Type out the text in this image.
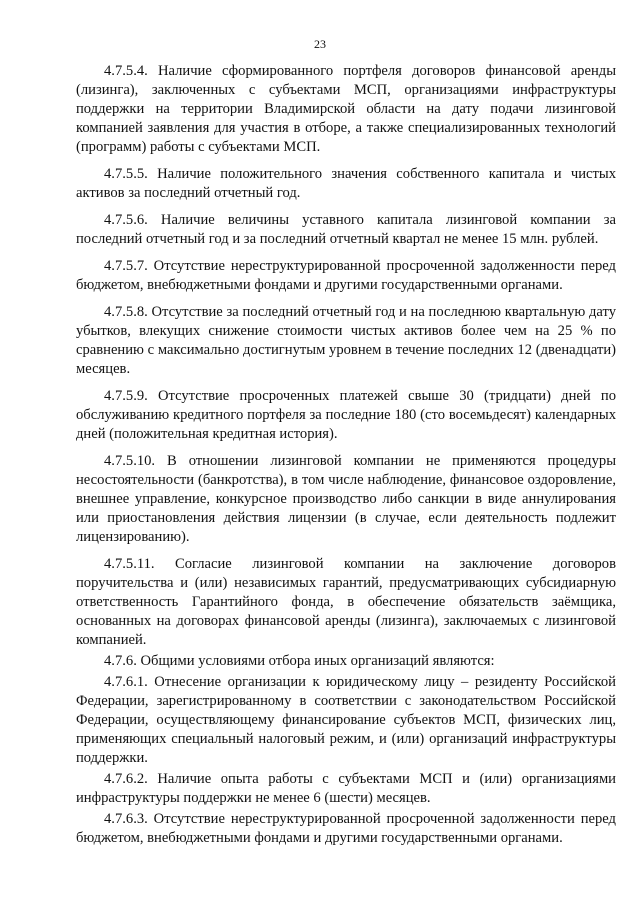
23

4.7.5.4. Наличие сформированного портфеля договоров финансовой аренды (лизинга), заключенных с субъектами МСП, организациями инфраструктуры поддержки на территории Владимирской области на дату подачи лизинговой компанией заявления для участия в отборе, а также специализированных технологий (программ) работы с субъектами МСП.

4.7.5.5. Наличие положительного значения собственного капитала и чистых активов за последний отчетный год.

4.7.5.6. Наличие величины уставного капитала лизинговой компании за последний отчетный год и за последний отчетный квартал не менее 15 млн. рублей.

4.7.5.7. Отсутствие нереструктурированной просроченной задолженности перед бюджетом, внебюджетными фондами и другими государственными органами.

4.7.5.8. Отсутствие за последний отчетный год и на последнюю квартальную дату убытков, влекущих снижение стоимости чистых активов более чем на 25 % по сравнению с максимально достигнутым уровнем в течение последних 12 (двенадцати) месяцев.

4.7.5.9. Отсутствие просроченных платежей свыше 30 (тридцати) дней по обслуживанию кредитного портфеля за последние 180 (сто восемьдесят) календарных дней (положительная кредитная история).

4.7.5.10. В отношении лизинговой компании не применяются процедуры несостоятельности (банкротства), в том числе наблюдение, финансовое оздоровление, внешнее управление, конкурсное производство либо санкции в виде аннулирования или приостановления действия лицензии (в случае, если деятельность подлежит лицензированию).

4.7.5.11. Согласие лизинговой компании на заключение договоров поручительства и (или) независимых гарантий, предусматривающих субсидиарную ответственность Гарантийного фонда, в обеспечение обязательств заёмщика, основанных на договорах финансовой аренды (лизинга), заключаемых с лизинговой компанией.

4.7.6. Общими условиями отбора иных организаций являются:

4.7.6.1. Отнесение организации к юридическому лицу – резиденту Российской Федерации, зарегистрированному в соответствии с законодательством Российской Федерации, осуществляющему финансирование субъектов МСП, физических лиц, применяющих специальный налоговый режим, и (или) организаций инфраструктуры поддержки.

4.7.6.2. Наличие опыта работы с субъектами МСП и (или) организациями инфраструктуры поддержки не менее 6 (шести) месяцев.

4.7.6.3. Отсутствие нереструктурированной просроченной задолженности перед бюджетом, внебюджетными фондами и другими государственными органами.
